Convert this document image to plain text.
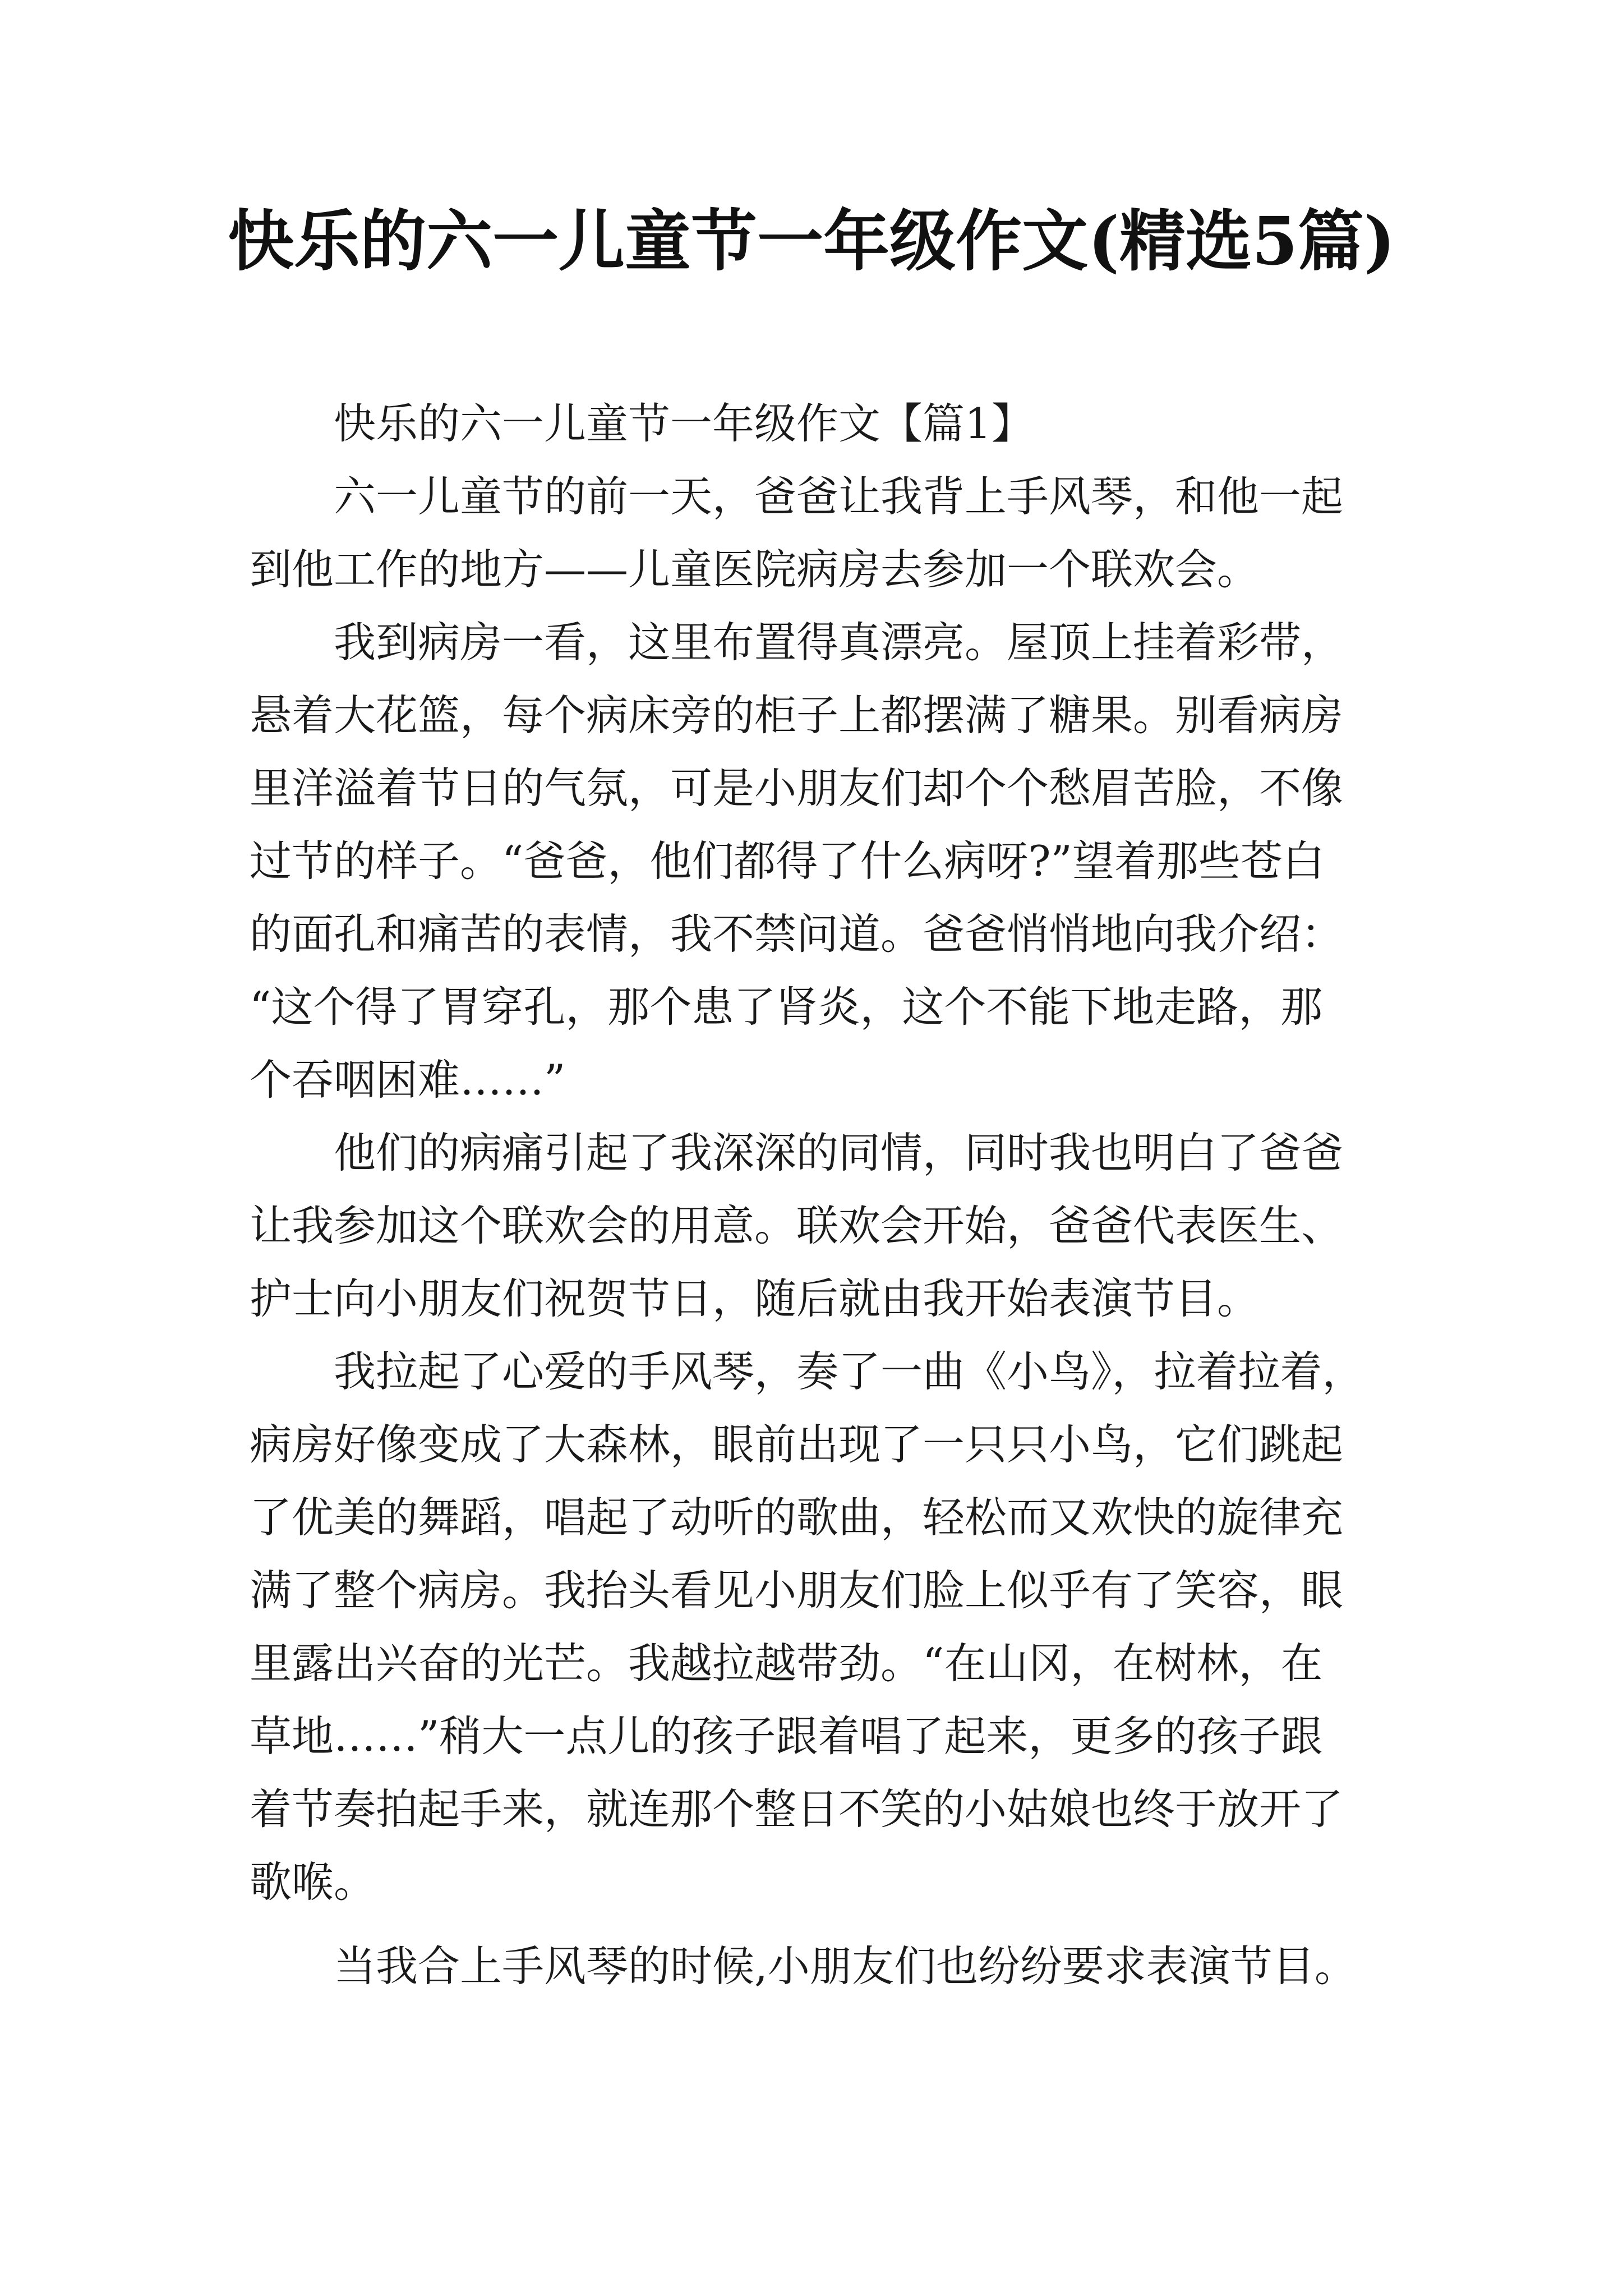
快乐的六一儿童节一年级作文(精选5篇)
快乐的六一儿童节一年级作文【篇1】
六一儿童节的前一天，爸爸让我背上手风琴，和他一起
到他工作的地方——儿童医院病房去参加一个联欢会。
我到病房一看，这里布置得真漂亮。屋顶上挂着彩带，
悬着大花篮，每个病床旁的柜子上都摆满了糖果。别看病房
里洋溢着节日的气氛，可是小朋友们却个个愁眉苦脸，不像
过节的样子。“爸爸，他们都得了什么病呀?”望着那些苍白
的面孔和痛苦的表情，我不禁问道。爸爸悄悄地向我介绍：
“这个得了胃穿孔，那个患了肾炎，这个不能下地走路，那
个吞咽困难……”
他们的病痛引起了我深深的同情，同时我也明白了爸爸
让我参加这个联欢会的用意。联欢会开始，爸爸代表医生、
护士向小朋友们祝贺节日，随后就由我开始表演节目。
我拉起了心爱的手风琴，奏了一曲《小鸟》，拉着拉着，
病房好像变成了大森林，眼前出现了一只只小鸟，它们跳起
了优美的舞蹈，唱起了动听的歌曲，轻松而又欢快的旋律充
满了整个病房。我抬头看见小朋友们脸上似乎有了笑容，眼
里露出兴奋的光芒。我越拉越带劲。“在山冈，在树林，在
草地……”稍大一点儿的孩子跟着唱了起来，更多的孩子跟
着节奏拍起手来，就连那个整日不笑的小姑娘也终于放开了
歌喉。
当我合上手风琴的时候,小朋友们也纷纷要求表演节目。
